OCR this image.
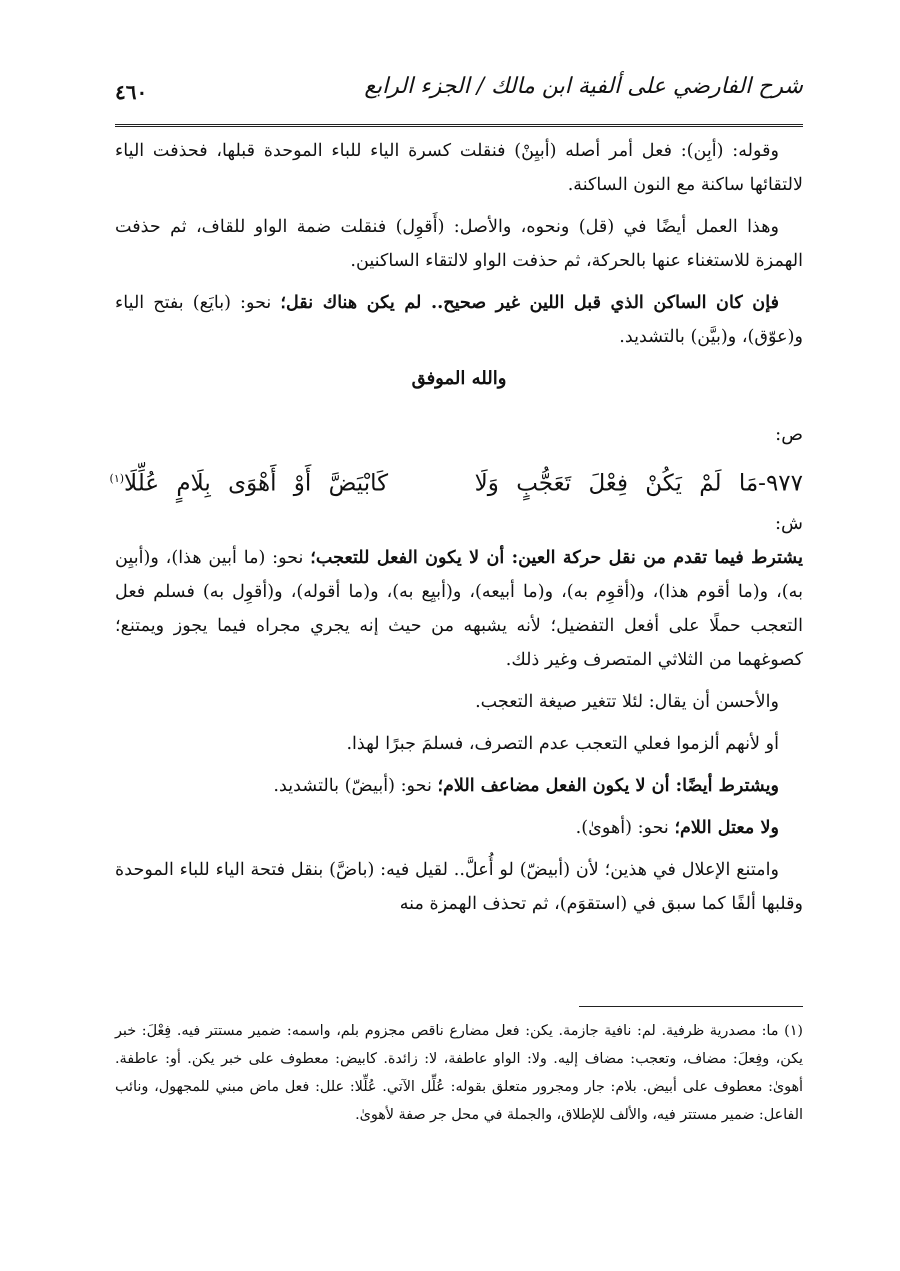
شرح الفارضي على ألفية ابن مالك / الجزء الرابع
٤٦٠

وقوله: (أبِن): فعل أمر أصله (أبيِنْ) فنقلت كسرة الياء للباء الموحدة قبلها، فحذفت الياء لالتقائها ساكنة مع النون الساكنة.

وهذا العمل أيضًا في (قل) ونحوه، والأصل: (أَقوِل) فنقلت ضمة الواو للقاف، ثم حذفت الهمزة للاستغناء عنها بالحركة، ثم حذفت الواو لالتقاء الساكنين.

فإن كان الساكن الذي قبل اللين غير صحيح.. لم يكن هناك نقل؛ نحو: (بايَع) بفتح الياء و(عوّق)، و(بيَّن) بالتشديد.

والله الموفق

ص:

٩٧٧-مَا لَمْ يَكُنْ فِعْلَ تَعَجُّبٍ وَلَا     كَابْيَضَّ أَوْ أَهْوَى بِلَامٍ عُلِّلَا$^{(١)}$

ش:

يشترط فيما تقدم من نقل حركة العين: أن لا يكون الفعل للتعجب؛ نحو: (ما أبين هذا)، و(أبيِن به)، و(ما أقوم هذا)، و(أقوِم به)، و(ما أبيعه)، و(أبيِع به)، و(ما أقوله)، و(أقوِل به) فسلم فعل التعجب حملًا على أفعل التفضيل؛ لأنه يشبهه من حيث إنه يجري مجراه فيما يجوز ويمتنع؛ كصوغهما من الثلاثي المتصرف وغير ذلك.

والأحسن أن يقال: لئلا تتغير صيغة التعجب.

أو لأنهم ألزموا فعلي التعجب عدم التصرف، فسلمَ جبرًا لهذا.

ويشترط أيضًا: أن لا يكون الفعل مضاعف اللام؛ نحو: (أبيضّ) بالتشديد.

ولا معتل اللام؛ نحو: (أهوىٰ).

وامتنع الإعلال في هذين؛ لأن (أبيضّ) لو أُعلَّ.. لقيل فيه: (باضَّ) بنقل فتحة الياء للباء الموحدة وقلبها ألفًا كما سبق في (استقوَم)، ثم تحذف الهمزة منه

(١) ما: مصدرية ظرفية. لم: نافية جازمة. يكن: فعل مضارع ناقص مجزوم بلم، واسمه: ضمير مستتر فيه. فِعْلَ: خبر يكن، وفِعلَ: مضاف، وتعجب: مضاف إليه. ولا: الواو عاطفة، لا: زائدة. كابيض: معطوف على خبر يكن. أو: عاطفة. أهوىٰ: معطوف على أبيض. بلام: جار ومجرور متعلق بقوله: عُلِّل الآتي. عُلِّلا: علل: فعل ماض مبني للمجهول، ونائب الفاعل: ضمير مستتر فيه، والألف للإطلاق، والجملة في محل جر صفة لأهوىٰ.
